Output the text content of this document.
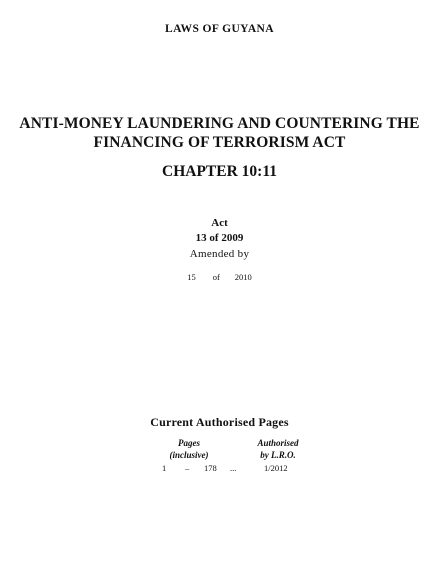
LAWS OF GUYANA
ANTI-MONEY LAUNDERING AND COUNTERING THE
FINANCING OF TERRORISM ACT
CHAPTER 10:11
Act
13 of 2009
Amended by
15 of 2010
Current Authorised Pages
Pages
(inclusive)
Authorised
by L.R.O.
1 – 178 ...	1/2012
